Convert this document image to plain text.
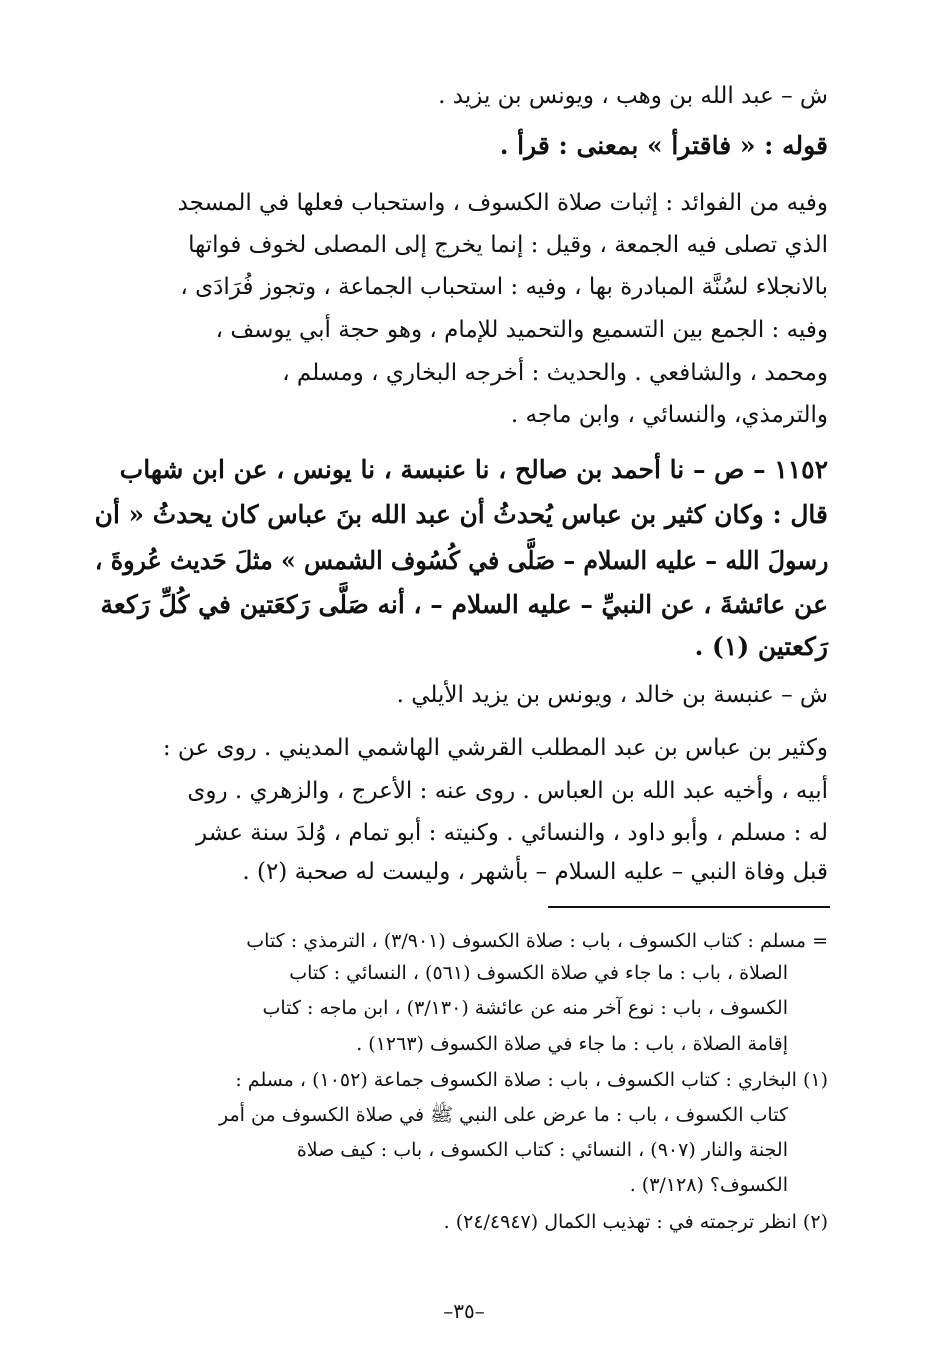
ش – عبد الله بن وهب ، ويونس بن يزيد .
قوله : « فاقترأ » بمعنى : قرأ .
وفيه من الفوائد : إثبات صلاة الكسوف ، واستحباب فعلها في المسجد
الذي تصلى فيه الجمعة ، وقيل : إنما يخرج إلى المصلى لخوف فواتها
بالانجلاء لسُنَّة المبادرة بها ، وفيه : استحباب الجماعة ، وتجوز فُرَادَى ،
وفيه : الجمع بين التسميع والتحميد للإمام ، وهو حجة أبي يوسف ،
ومحمد ، والشافعي . والحديث : أخرجه البخاري ، ومسلم ،
والترمذي، والنسائي ، وابن ماجه .
١١٥٢ – ص – نا أحمد بن صالح ، نا عنبسة ، نا يونس ، عن ابن شهاب
قال : وكان كثير بن عباس يُحدثُ أن عبد الله بنَ عباس كان يحدثُ « أن
رسولَ الله – عليه السلام – صَلَّى في كُسُوف الشمس » مثلَ حَديث عُروةَ ،
عن عائشةَ ، عن النبيِّ – عليه السلام – ، أنه صَلَّى رَكعَتين في كُلِّ رَكعة
رَكعتين (١) .
ش – عنبسة بن خالد ، ويونس بن يزيد الأيلي .
وكثير بن عباس بن عبد المطلب القرشي الهاشمي المديني . روى عن :
أبيه ، وأخيه عبد الله بن العباس . روى عنه : الأعرج ، والزهري . روى
له : مسلم ، وأبو داود ، والنسائي . وكنيته : أبو تمام ، وُلدَ سنة عشر
قبل وفاة النبي – عليه السلام – بأشهر ، وليست له صحبة (٢) .
= مسلم : كتاب الكسوف ، باب : صلاة الكسوف (٣/٩٠١) ، الترمذي : كتاب
الصلاة ، باب : ما جاء في صلاة الكسوف (٥٦١) ، النسائي : كتاب
الكسوف ، باب : نوع آخر منه عن عائشة (٣/١٣٠) ، ابن ماجه : كتاب
إقامة الصلاة ، باب : ما جاء في صلاة الكسوف (١٢٦٣) .
(١) البخاري : كتاب الكسوف ، باب : صلاة الكسوف جماعة (١٠٥٢) ، مسلم :
كتاب الكسوف ، باب : ما عرض على النبي ﷺ في صلاة الكسوف من أمر
الجنة والنار (٩٠٧) ، النسائي : كتاب الكسوف ، باب : كيف صلاة
الكسوف؟ (٣/١٢٨) .
(٢) انظر ترجمته في : تهذيب الكمال (٢٤/٤٩٤٧) .
–٣٥–
